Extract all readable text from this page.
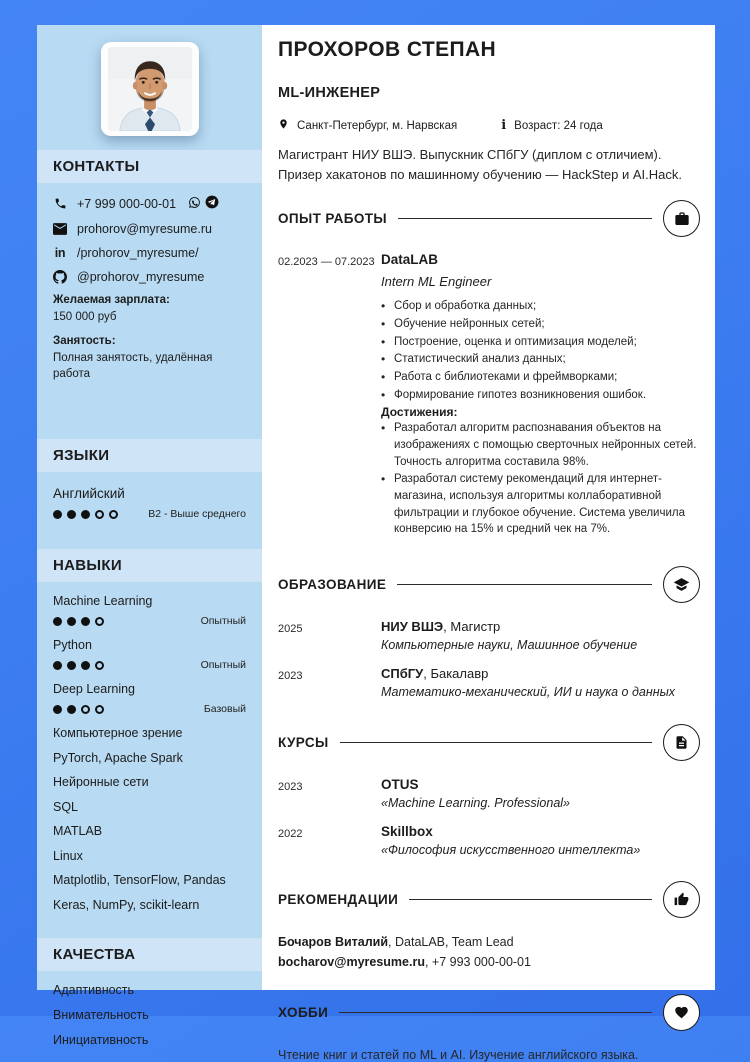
КОНТАКТЫ
+7 999 000-00-01
prohorov@myresume.ru
in /prohorov_myresume/
@prohorov_myresume
Желаемая зарплата:
150 000 руб
Занятость:
Полная занятость, удалённая работа
ЯЗЫКИ
Английский
B2 - Выше среднего
НАВЫКИ
Machine Learning
Опытный
Python
Опытный
Deep Learning
Базовый
Компьютерное зрение
PyTorch, Apache Spark
Нейронные сети
SQL
MATLAB
Linux
Matplotlib, TensorFlow, Pandas
Keras, NumPy, scikit-learn
КАЧЕСТВА
Адаптивность
Внимательность
Инициативность
ПРОХОРОВ СТЕПАН
ML-ИНЖЕНЕР
Санкт-Петербург, м. Нарвская	i Возраст: 24 года

Магистрант НИУ ВШЭ. Выпускник СПбГУ (диплом с отличием). Призер хакатонов по машинному обучению — HackStep и AI.Hack.

ОПЫТ РАБОТЫ
02.2023 — 07.2023 DataLAB
Intern ML Engineer
• Сбор и обработка данных;
• Обучение нейронных сетей;
• Построение, оценка и оптимизация моделей;
• Статистический анализ данных;
• Работа с библиотеками и фреймворками;
• Формирование гипотез возникновения ошибок.
Достижения:
• Разработал алгоритм распознавания объектов на изображениях с помощью сверточных нейронных сетей. Точность алгоритма составила 98%.
• Разработал систему рекомендаций для интернет-магазина, используя алгоритмы коллаборативной фильтрации и глубокое обучение. Система увеличила конверсию на 15% и средний чек на 7%.
ОБРАЗОВАНИЕ
2025	НИУ ВШЭ, Магистр
Компьютерные науки, Машинное обучение
2023	СПбГУ, Бакалавр
Математико-механический, ИИ и наука о данных
КУРСЫ
2023	OTUS
«Machine Learning. Professional»
2022	Skillbox
«Философия искусственного интеллекта»
РЕКОМЕНДАЦИИ

Бочаров Виталий, DataLAB, Team Lead
bocharov@myresume.ru, +7 993 000-00-01

ХОББИ

Чтение книг и статей по ML и AI. Изучение английского языка.
